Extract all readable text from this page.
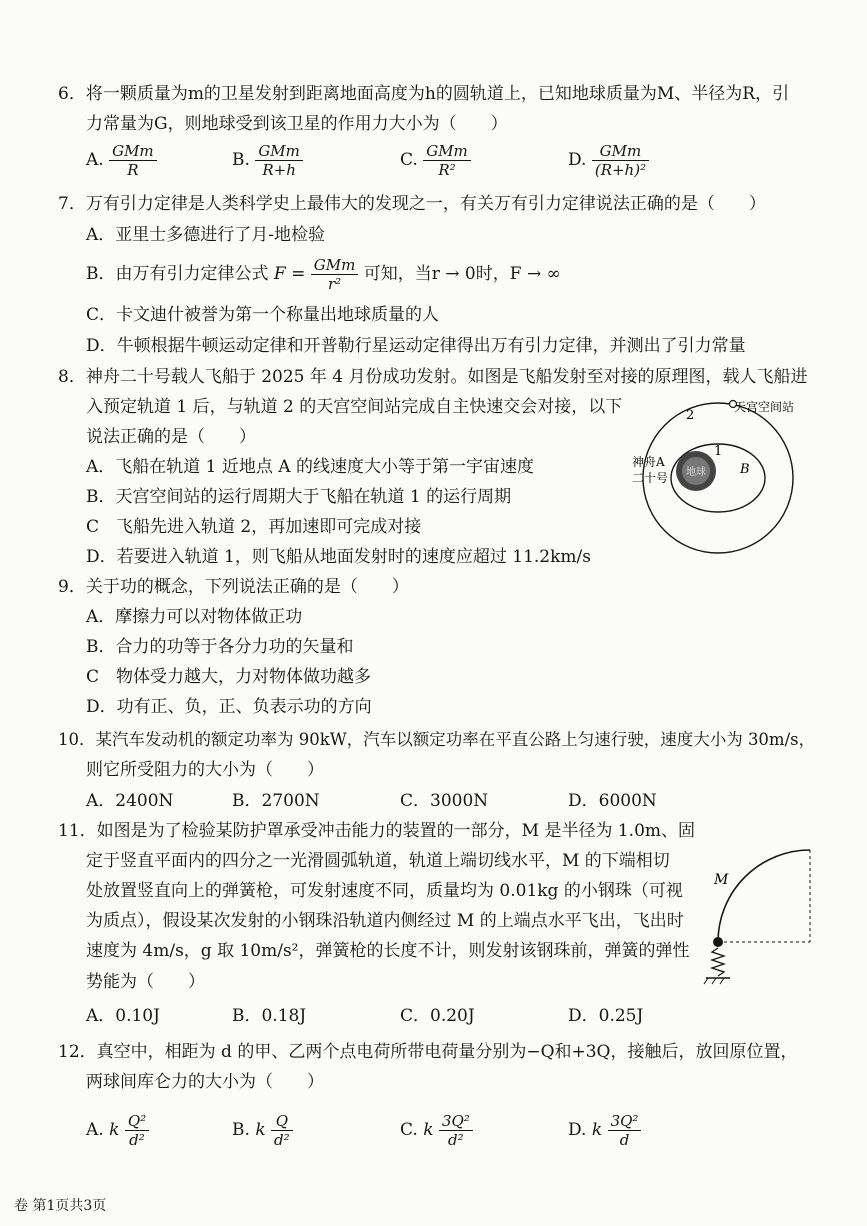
6．将一颗质量为m的卫星发射到距离地面高度为h的圆轨道上，已知地球质量为M、半径为R，引
力常量为G，则地球受到该卫星的作用力大小为（　　）
A. $\frac{\text{GMm}}{R}$	B. $\frac{\text{GMm}}{R+h}$	C. $\frac{\text{GMm}}{\text{R²}}$	D. $\frac{\text{GMm}}{\text{(R+h)²}}$
7．万有引力定律是人类科学史上最伟大的发现之一，有关万有引力定律说法正确的是（　　）
A．亚里士多德进行了月-地检验
B．由万有引力定律公式 $F = \frac{\text{GMm}}{\text{r²}}$ 可知，当r → 0时，F → ∞
C．卡文迪什被誉为第一个称量出地球质量的人
D．牛顿根据牛顿运动定律和开普勒行星运动定律得出万有引力定律，并测出了引力常量
8．神舟二十号载人飞船于 2025 年 4 月份成功发射。如图是飞船发射至对接的原理图，载人飞船进
入预定轨道 1 后，与轨道 2 的天宫空间站完成自主快速交会对接，以下
说法正确的是（　　）
A．飞船在轨道 1 近地点 A 的线速度大小等于第一宇宙速度
B．天宫空间站的运行周期大于飞船在轨道 1 的运行周期
C　飞船先进入轨道 2，再加速即可完成对接
D．若要进入轨道 1，则飞船从地面发射时的速度应超过 11.2km/s
天宫空间站
2
1
B
神舟A
二十号 地球
9．关于功的概念，下列说法正确的是（　　）
A．摩擦力可以对物体做正功
B．合力的功等于各分力功的矢量和
C　物体受力越大，力对物体做功越多
D．功有正、负，正、负表示功的方向
10．某汽车发动机的额定功率为 90kW，汽车以额定功率在平直公路上匀速行驶，速度大小为 30m/s，
则它所受阻力的大小为（　　）
A．2400N	B．2700N	C．3000N	D．6000N
11．如图是为了检验某防护罩承受冲击能力的装置的一部分，M 是半径为 1.0m、固
定于竖直平面内的四分之一光滑圆弧轨道，轨道上端切线水平，M 的下端相切
处放置竖直向上的弹簧枪，可发射速度不同，质量均为 0.01kg 的小钢珠（可视
为质点），假设某次发射的小钢珠沿轨道内侧经过 M 的上端点水平飞出，飞出时
速度为 4m/s，g 取 10m/s²，弹簧枪的长度不计，则发射该钢珠前，弹簧的弹性
势能为（　　）
A．0.10J	B．0.18J	C．0.20J	D．0.25J
M
12．真空中，相距为 d 的甲、乙两个点电荷所带电荷量分别为−Q和+3Q，接触后，放回原位置，
两球间库仑力的大小为（　　）
A. k $\frac{\text{Q²}}{\text{d²}}$	B. k $\frac{Q}{\text{d²}}$	C. k $\frac{\text{3Q²}}{\text{d²}}$	D. k $\frac{\text{3Q²}}{d}$
卷 第1页共3页
